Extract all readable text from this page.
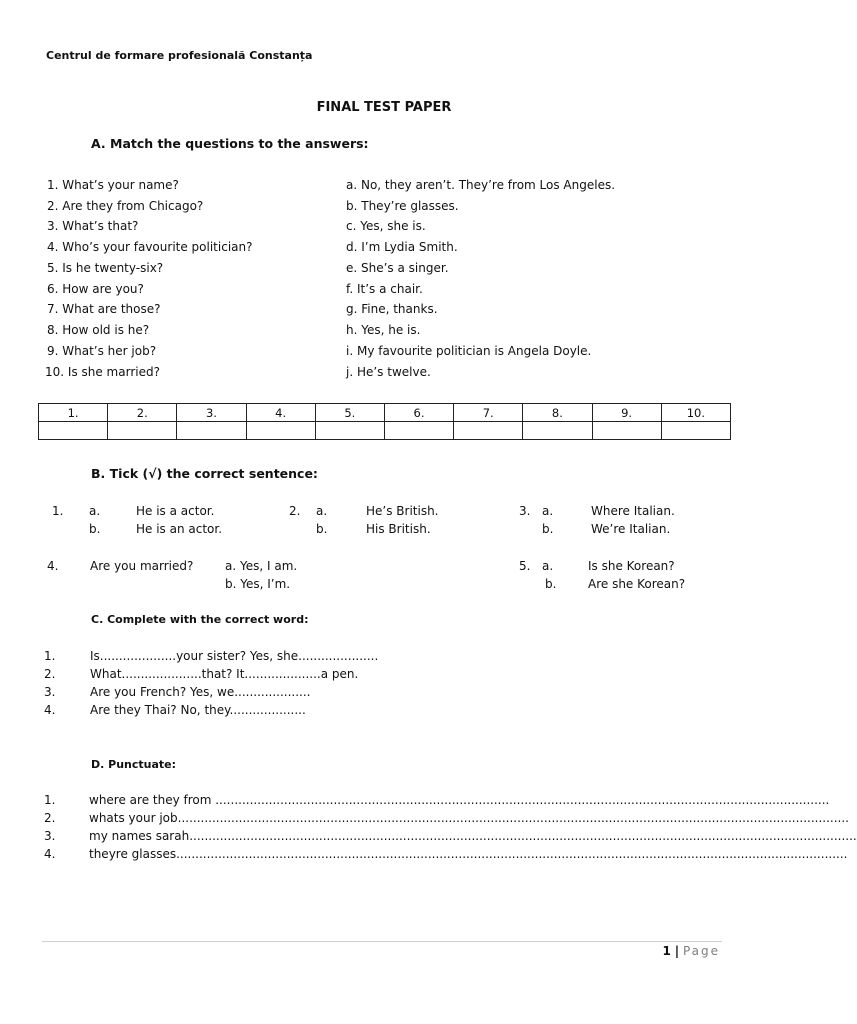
Centrul de formare profesională Constanța
FINAL TEST PAPER
A. Match the questions to the answers:
1. What’s your name?
2. Are they from Chicago?
3. What’s that?
4. Who’s your favourite politician?
5. Is he twenty-six?
6. How are you?
7. What are those?
8. How old is he?
9. What’s her job?
10. Is she married?
a. No, they aren’t. They’re from Los Angeles.
b. They’re glasses.
c. Yes, she is.
d. I’m Lydia Smith.
e. She’s a singer.
f. It’s a chair.
g. Fine, thanks.
h. Yes, he is.
i. My favourite politician is Angela Doyle.
j. He’s twelve.
1.	2.	3.	4.	5.	6.	7.	8.	9.	10.

B. Tick (√) the correct sentence:
1. a.	He is a actor.
b.	He is an actor.
2. a.	He’s British.
b.	His British.
3. a.	Where Italian.
b.	We’re Italian.
4.	Are you married?	a. Yes, I am.
b. Yes, I’m.
5. a.	Is she Korean?
b.	Are she Korean?
C. Complete with the correct word:
1.	Is....................your sister? Yes, she.....................
2.	What.....................that? It....................a pen.
3.	Are you French? Yes, we....................
4.	Are they Thai? No, they....................
D. Punctuate:
1.	where are they from .................................................................................................................................................................
2.	whats your job................................................................................................................................................................................
3.	my names sarah...............................................................................................................................................................................
4.	theyre glasses................................................................................................................................................................................
1 | Page
